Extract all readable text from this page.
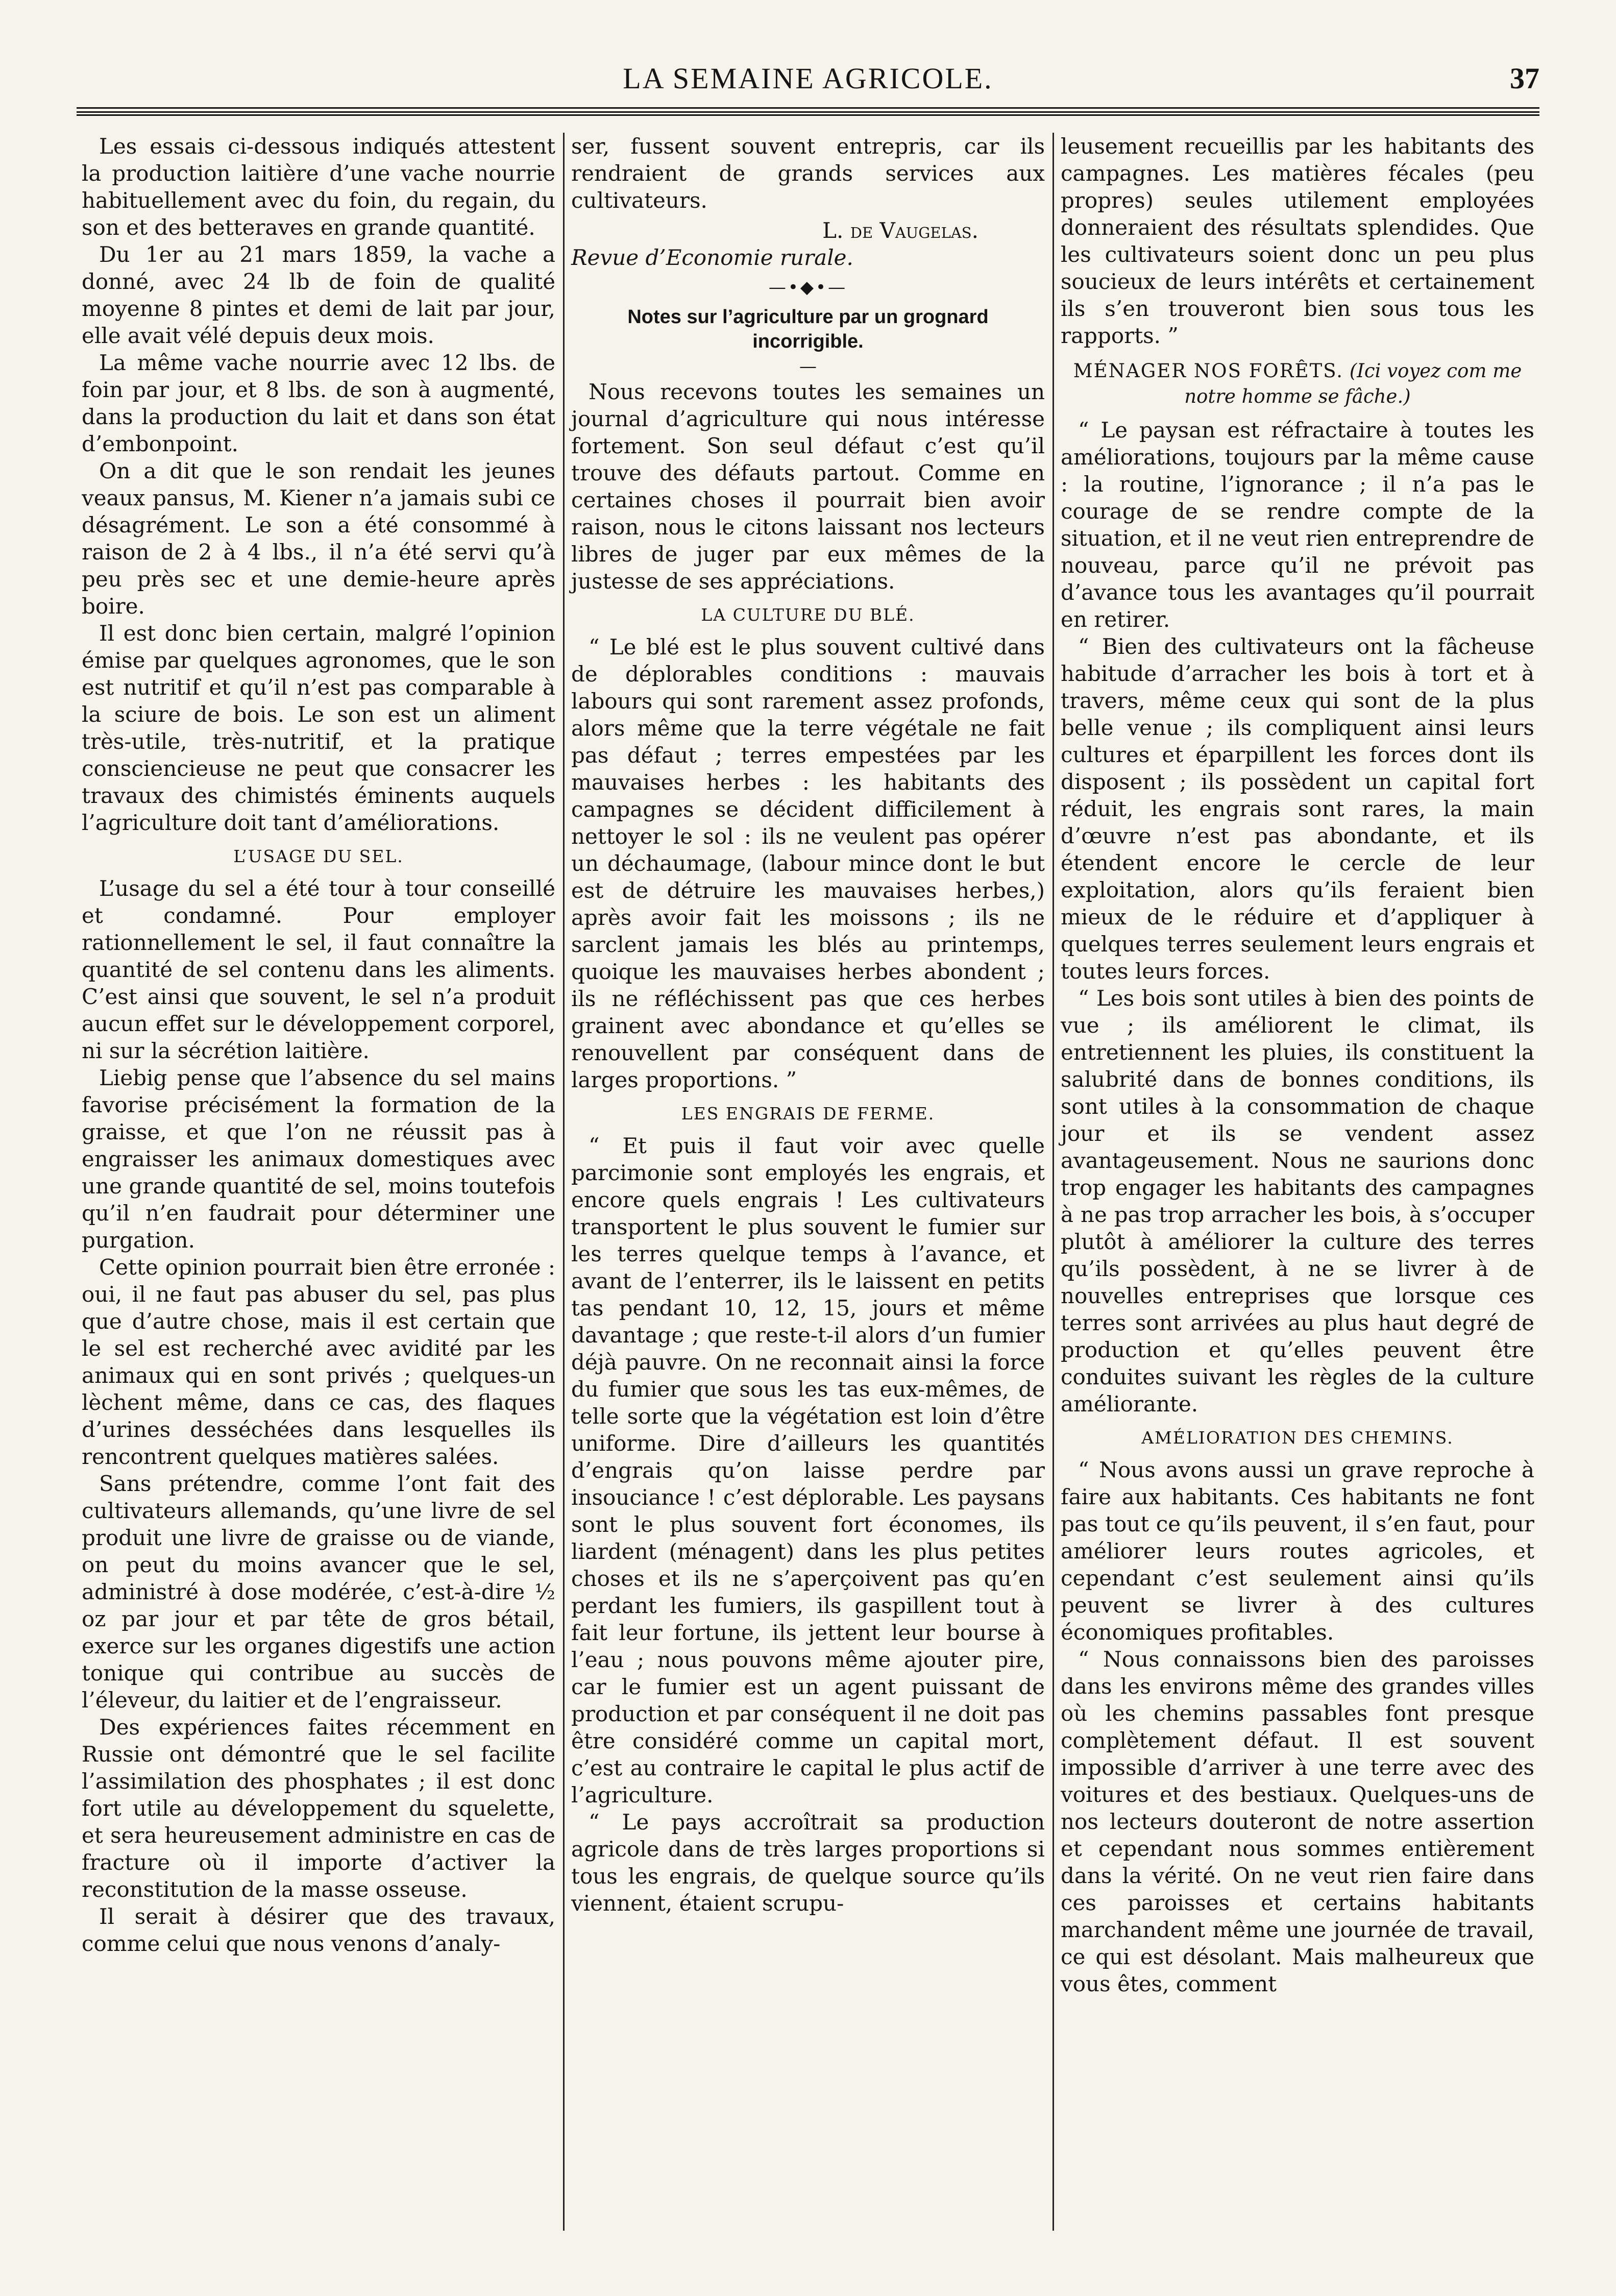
LA SEMAINE AGRICOLE.	37

Les essais ci-dessous indiqués attestent la production laitière d’une vache nourrie habituellement avec du foin, du regain, du son et des betteraves en grande quantité.

Du 1er au 21 mars 1859, la vache a donné, avec 24 lb de foin de qualité moyenne 8 pintes et demi de lait par jour, elle avait vélé depuis deux mois.

La même vache nourrie avec 12 lbs. de foin par jour, et 8 lbs. de son à augmenté, dans la production du lait et dans son état d’embonpoint.

On a dit que le son rendait les jeunes veaux pansus, M. Kiener n’a jamais subi ce désagrément. Le son a été consommé à raison de 2 à 4 lbs., il n’a été servi qu’à peu près sec et une demie-heure après boire.

Il est donc bien certain, malgré l’opinion émise par quelques agronomes, que le son est nutritif et qu’il n’est pas comparable à la sciure de bois. Le son est un aliment très-utile, très-nutritif, et la pratique consciencieuse ne peut que consacrer les travaux des chimistés éminents auquels l’agriculture doit tant d’améliorations.

L’USAGE DU SEL.

L’usage du sel a été tour à tour conseillé et condamné. Pour employer rationnellement le sel, il faut connaître la quantité de sel contenu dans les aliments. C’est ainsi que souvent, le sel n’a produit aucun effet sur le développement corporel, ni sur la sécrétion laitière.

Liebig pense que l’absence du sel mains favorise précisément la formation de la graisse, et que l’on ne réussit pas à engraisser les animaux domestiques avec une grande quantité de sel, moins toutefois qu’il n’en faudrait pour déterminer une purgation.

Cette opinion pourrait bien être erronée : oui, il ne faut pas abuser du sel, pas plus que d’autre chose, mais il est certain que le sel est recherché avec avidité par les animaux qui en sont privés ; quelques-un lèchent même, dans ce cas, des flaques d’urines desséchées dans lesquelles ils rencontrent quelques matières salées.

Sans prétendre, comme l’ont fait des cultivateurs allemands, qu’une livre de sel produit une livre de graisse ou de viande, on peut du moins avancer que le sel, administré à dose modérée, c’est-à-dire ½ oz par jour et par tête de gros bétail, exerce sur les organes digestifs une action tonique qui contribue au succès de l’éleveur, du laitier et de l’engraisseur.

Des expériences faites récemment en Russie ont démontré que le sel facilite l’assimilation des phosphates ; il est donc fort utile au développement du squelette, et sera heureusement administre en cas de fracture où il importe d’activer la reconstitution de la masse osseuse.

Il serait à désirer que des travaux, comme celui que nous venons d’analy-

ser, fussent souvent entrepris, car ils rendraient de grands services aux cultivateurs.

L. de Vaugelas.

Revue d’Economie rurale.

—•◆•—
Notes sur l’agriculture par un grognard incorrigible.
—

Nous recevons toutes les semaines un journal d’agriculture qui nous intéresse fortement. Son seul défaut c’est qu’il trouve des défauts partout. Comme en certaines choses il pourrait bien avoir raison, nous le citons laissant nos lecteurs libres de juger par eux mêmes de la justesse de ses appréciations.

LA CULTURE DU BLÉ.

“ Le blé est le plus souvent cultivé dans de déplorables conditions : mauvais labours qui sont rarement assez profonds, alors même que la terre végétale ne fait pas défaut ; terres empestées par les mauvaises herbes : les habitants des campagnes se décident difficilement à nettoyer le sol : ils ne veulent pas opérer un déchaumage, (labour mince dont le but est de détruire les mauvaises herbes,) après avoir fait les moissons ; ils ne sarclent jamais les blés au printemps, quoique les mauvaises herbes abondent ; ils ne réfléchissent pas que ces herbes grainent avec abondance et qu’elles se renouvellent par conséquent dans de larges proportions. ”

LES ENGRAIS DE FERME.

“ Et puis il faut voir avec quelle parcimonie sont employés les engrais, et encore quels engrais ! Les cultivateurs transportent le plus souvent le fumier sur les terres quelque temps à l’avance, et avant de l’enterrer, ils le laissent en petits tas pendant 10, 12, 15, jours et même davantage ; que reste-t-il alors d’un fumier déjà pauvre. On ne reconnait ainsi la force du fumier que sous les tas eux-mêmes, de telle sorte que la végétation est loin d’être uniforme. Dire d’ailleurs les quantités d’engrais qu’on laisse perdre par insouciance ! c’est déplorable. Les paysans sont le plus souvent fort économes, ils liardent (ménagent) dans les plus petites choses et ils ne s’aperçoivent pas qu’en perdant les fumiers, ils gaspillent tout à fait leur fortune, ils jettent leur bourse à l’eau ; nous pouvons même ajouter pire, car le fumier est un agent puissant de production et par conséquent il ne doit pas être considéré comme un capital mort, c’est au contraire le capital le plus actif de l’agriculture.

“ Le pays accroîtrait sa production agricole dans de très larges proportions si tous les engrais, de quelque source qu’ils viennent, étaient scrupu-

leusement recueillis par les habitants des campagnes. Les matières fécales (peu propres) seules utilement employées donneraient des résultats splendides. Que les cultivateurs soient donc un peu plus soucieux de leurs intérêts et certainement ils s’en trouveront bien sous tous les rapports. ”

MÉNAGER NOS FORÊTS. (Ici voyez com me notre homme se fâche.)

“ Le paysan est réfractaire à toutes les améliorations, toujours par la même cause : la routine, l’ignorance ; il n’a pas le courage de se rendre compte de la situation, et il ne veut rien entreprendre de nouveau, parce qu’il ne prévoit pas d’avance tous les avantages qu’il pourrait en retirer.

“ Bien des cultivateurs ont la fâcheuse habitude d’arracher les bois à tort et à travers, même ceux qui sont de la plus belle venue ; ils compliquent ainsi leurs cultures et éparpillent les forces dont ils disposent ; ils possèdent un capital fort réduit, les engrais sont rares, la main d’œuvre n’est pas abondante, et ils étendent encore le cercle de leur exploitation, alors qu’ils feraient bien mieux de le réduire et d’appliquer à quelques terres seulement leurs engrais et toutes leurs forces.

“ Les bois sont utiles à bien des points de vue ; ils améliorent le climat, ils entretiennent les pluies, ils constituent la salubrité dans de bonnes conditions, ils sont utiles à la consommation de chaque jour et ils se vendent assez avantageusement. Nous ne saurions donc trop engager les habitants des campagnes à ne pas trop arracher les bois, à s’occuper plutôt à améliorer la culture des terres qu’ils possèdent, à ne se livrer à de nouvelles entreprises que lorsque ces terres sont arrivées au plus haut degré de production et qu’elles peuvent être conduites suivant les règles de la culture améliorante.

AMÉLIORATION DES CHEMINS.

“ Nous avons aussi un grave reproche à faire aux habitants. Ces habitants ne font pas tout ce qu’ils peuvent, il s’en faut, pour améliorer leurs routes agricoles, et cependant c’est seulement ainsi qu’ils peuvent se livrer à des cultures économiques profitables.

“ Nous connaissons bien des paroisses dans les environs même des grandes villes où les chemins passables font presque complètement défaut. Il est souvent impossible d’arriver à une terre avec des voitures et des bestiaux. Quelques-uns de nos lecteurs douteront de notre assertion et cependant nous sommes entièrement dans la vérité. On ne veut rien faire dans ces paroisses et certains habitants marchandent même une journée de travail, ce qui est désolant. Mais malheureux que vous êtes, comment
